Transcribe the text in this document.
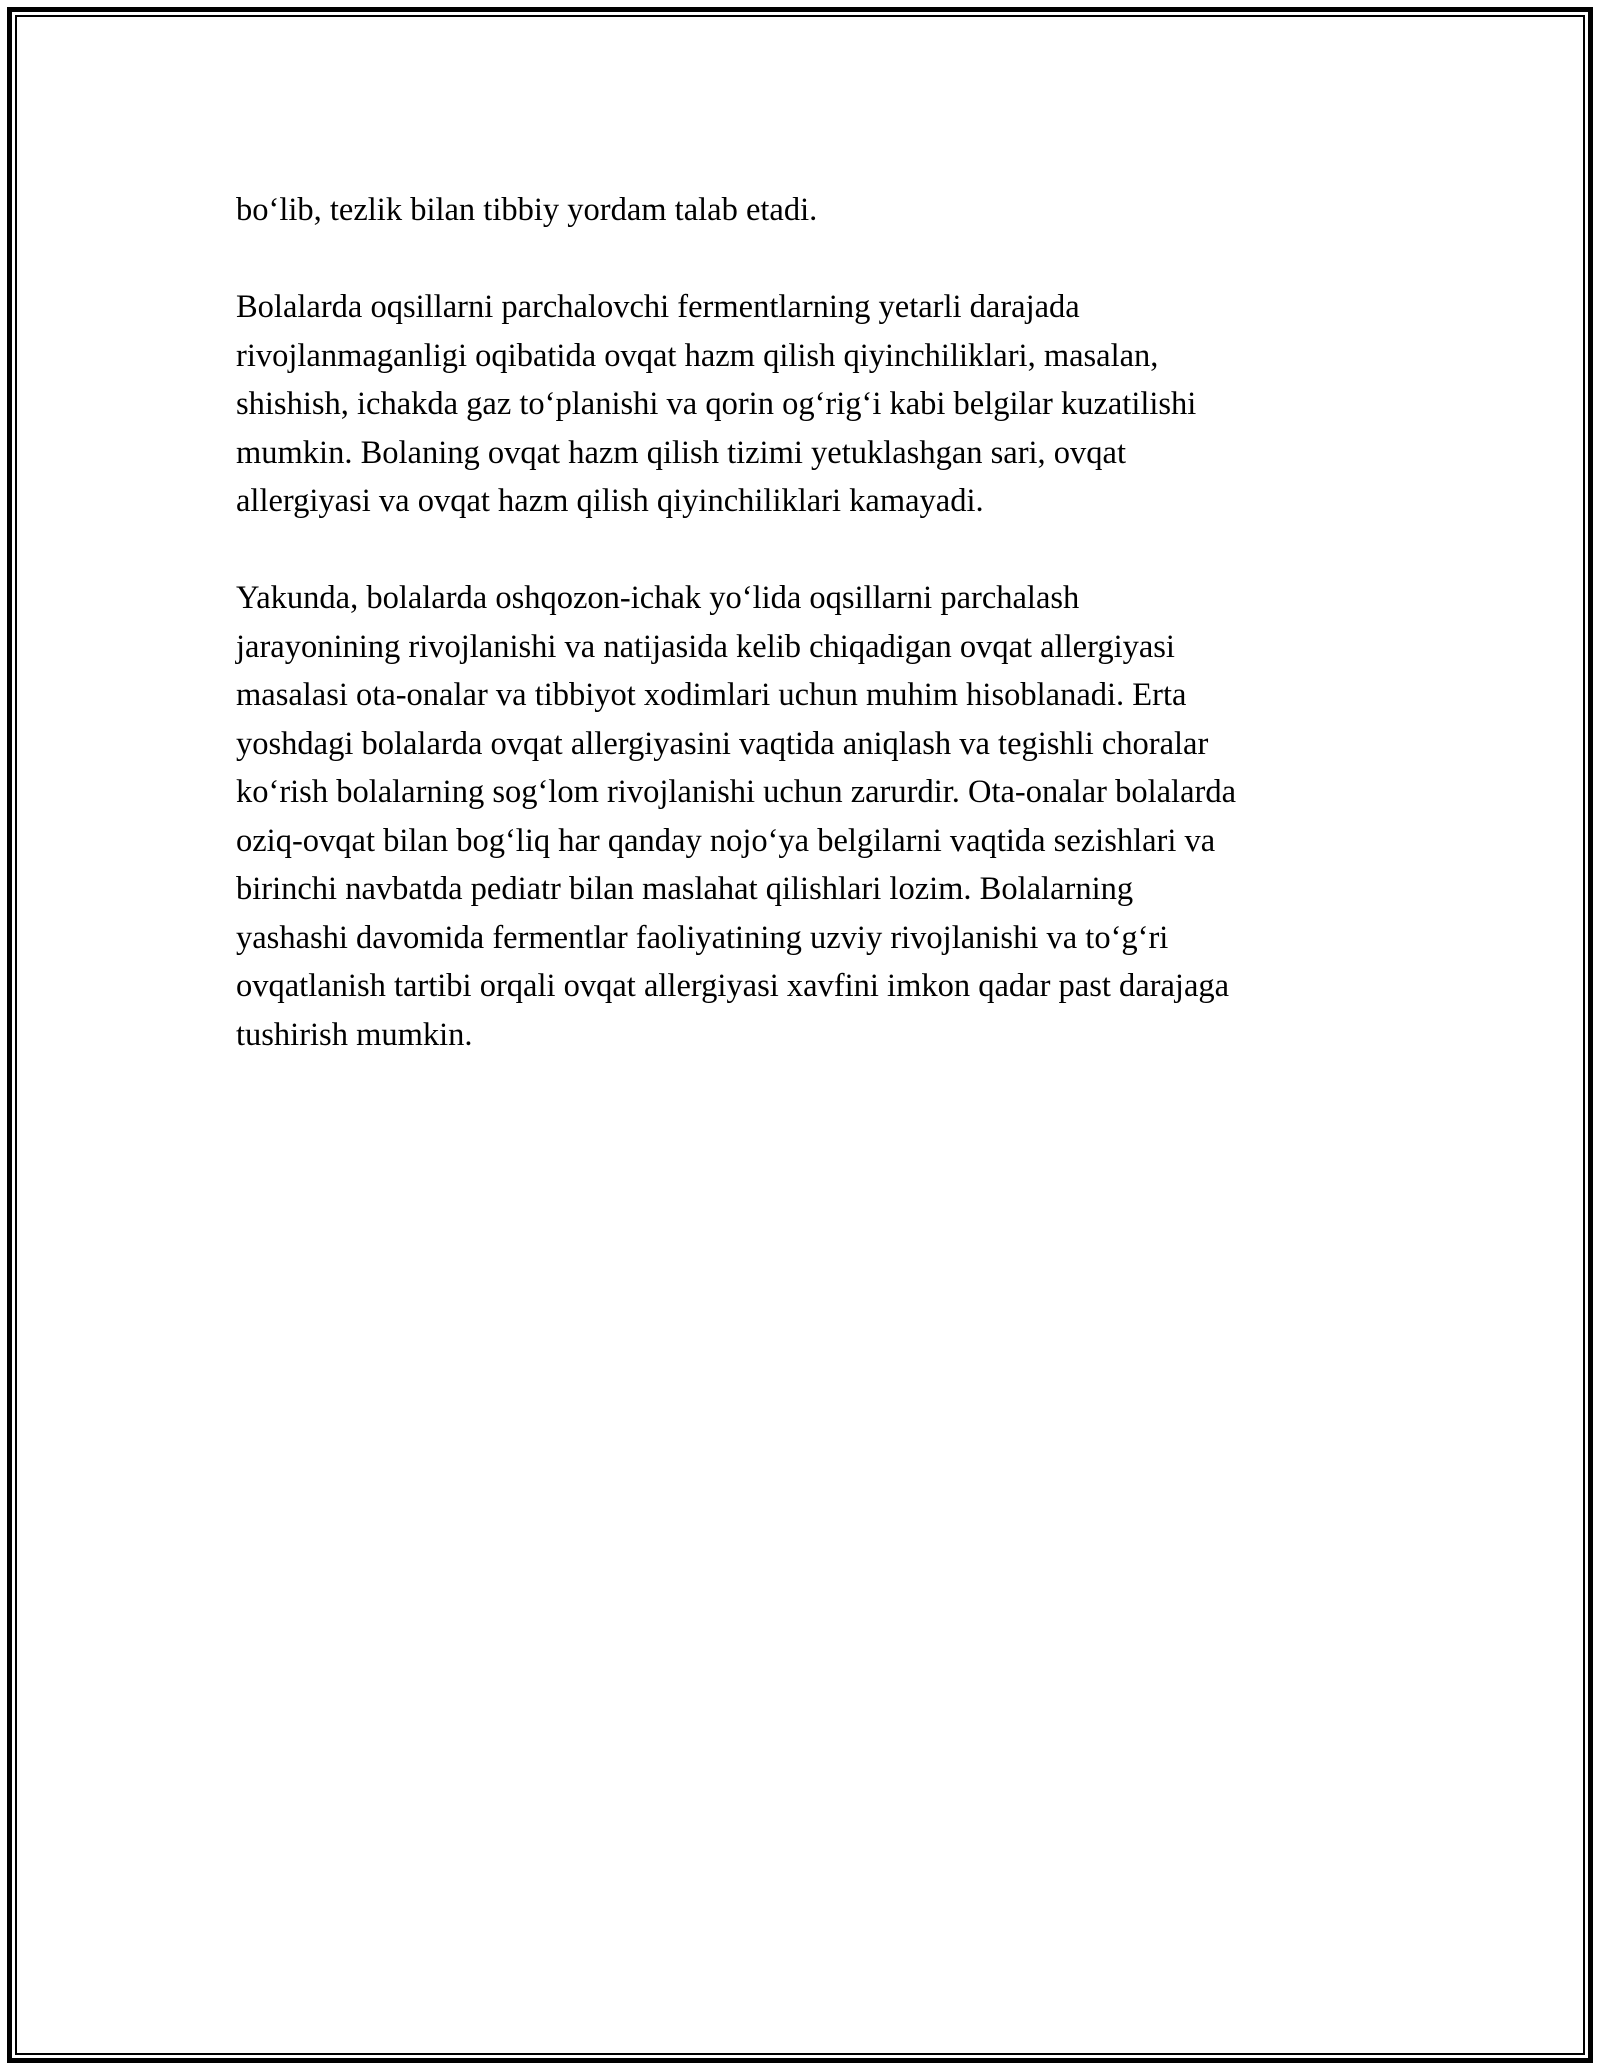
bo‘lib, tezlik bilan tibbiy yordam talab etadi.

Bolalarda oqsillarni parchalovchi fermentlarning yetarli darajada
rivojlanmaganligi oqibatida ovqat hazm qilish qiyinchiliklari, masalan,
shishish, ichakda gaz to‘planishi va qorin og‘rig‘i kabi belgilar kuzatilishi
mumkin. Bolaning ovqat hazm qilish tizimi yetuklashgan sari, ovqat
allergiyasi va ovqat hazm qilish qiyinchiliklari kamayadi.

Yakunda, bolalarda oshqozon-ichak yo‘lida oqsillarni parchalash
jarayonining rivojlanishi va natijasida kelib chiqadigan ovqat allergiyasi
masalasi ota-onalar va tibbiyot xodimlari uchun muhim hisoblanadi. Erta
yoshdagi bolalarda ovqat allergiyasini vaqtida aniqlash va tegishli choralar
ko‘rish bolalarning sog‘lom rivojlanishi uchun zarurdir. Ota-onalar bolalarda
oziq-ovqat bilan bog‘liq har qanday nojo‘ya belgilarni vaqtida sezishlari va
birinchi navbatda pediatr bilan maslahat qilishlari lozim. Bolalarning
yashashi davomida fermentlar faoliyatining uzviy rivojlanishi va to‘g‘ri
ovqatlanish tartibi orqali ovqat allergiyasi xavfini imkon qadar past darajaga
tushirish mumkin.
